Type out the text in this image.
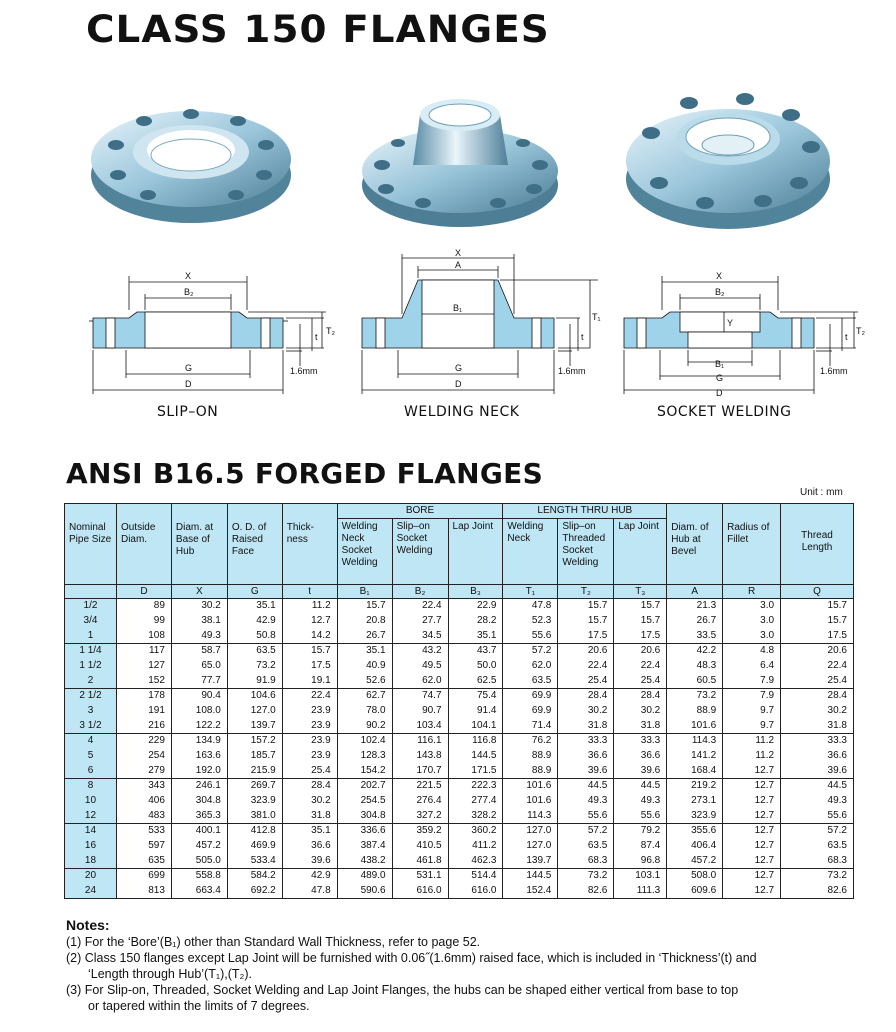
CLASS 150 FLANGES
X
B₂
G
D
t
T₂
1.6mm
SLIP–ON
X
A
B₁
G
D
t
T₁
1.6mm
WELDING NECK
X
B₂
Y
B₁
G
D
t
T₂
1.6mm
SOCKET WELDING
ANSI B16.5 FORGED FLANGES
Unit : mm
Nominal Pipe Size	Outside Diam.	Diam. at Base of Hub	O. D. of Raised Face	Thick- ness	BORE			LENGTH THRU HUB			Diam. of Hub at Bevel	Radius of Fillet	Thread Length
					Welding Neck Socket Welding	Slip–on Socket Welding	Lap Joint	Welding Neck	Slip–on Threaded Socket Welding	Lap Joint			
	D	X	G	t	B₁	B₂	B₃	T₁	T₂	T₃	A	R	Q
1/2	89	30.2	35.1	11.2	15.7	22.4	22.9	47.8	15.7	15.7	21.3	3.0	15.7
3/4	99	38.1	42.9	12.7	20.8	27.7	28.2	52.3	15.7	15.7	26.7	3.0	15.7
1	108	49.3	50.8	14.2	26.7	34.5	35.1	55.6	17.5	17.5	33.5	3.0	17.5
1 1/4	117	58.7	63.5	15.7	35.1	43.2	43.7	57.2	20.6	20.6	42.2	4.8	20.6
1 1/2	127	65.0	73.2	17.5	40.9	49.5	50.0	62.0	22.4	22.4	48.3	6.4	22.4
2	152	77.7	91.9	19.1	52.6	62.0	62.5	63.5	25.4	25.4	60.5	7.9	25.4
2 1/2	178	90.4	104.6	22.4	62.7	74.7	75.4	69.9	28.4	28.4	73.2	7.9	28.4
3	191	108.0	127.0	23.9	78.0	90.7	91.4	69.9	30.2	30.2	88.9	9.7	30.2
3 1/2	216	122.2	139.7	23.9	90.2	103.4	104.1	71.4	31.8	31.8	101.6	9.7	31.8
4	229	134.9	157.2	23.9	102.4	116.1	116.8	76.2	33.3	33.3	114.3	11.2	33.3
5	254	163.6	185.7	23.9	128.3	143.8	144.5	88.9	36.6	36.6	141.2	11.2	36.6
6	279	192.0	215.9	25.4	154.2	170.7	171.5	88.9	39.6	39.6	168.4	12.7	39.6
8	343	246.1	269.7	28.4	202.7	221.5	222.3	101.6	44.5	44.5	219.2	12.7	44.5
10	406	304.8	323.9	30.2	254.5	276.4	277.4	101.6	49.3	49.3	273.1	12.7	49.3
12	483	365.3	381.0	31.8	304.8	327.2	328.2	114.3	55.6	55.6	323.9	12.7	55.6
14	533	400.1	412.8	35.1	336.6	359.2	360.2	127.0	57.2	79.2	355.6	12.7	57.2
16	597	457.2	469.9	36.6	387.4	410.5	411.2	127.0	63.5	87.4	406.4	12.7	63.5
18	635	505.0	533.4	39.6	438.2	461.8	462.3	139.7	68.3	96.8	457.2	12.7	68.3
20	699	558.8	584.2	42.9	489.0	531.1	514.4	144.5	73.2	103.1	508.0	12.7	73.2
24	813	663.4	692.2	47.8	590.6	616.0	616.0	152.4	82.6	111.3	609.6	12.7	82.6
Notes:
(1) For the ‘Bore’(B₁) other than Standard Wall Thickness, refer to page 52.
(2) Class 150 flanges except Lap Joint will be furnished with 0.06˝(1.6mm) raised face, which is included in ‘Thickness’(t) and
‘Length through Hub’(T₁),(T₂).
(3) For Slip-on, Threaded, Socket Welding and Lap Joint Flanges, the hubs can be shaped either vertical from base to top
or tapered within the limits of 7 degrees.
